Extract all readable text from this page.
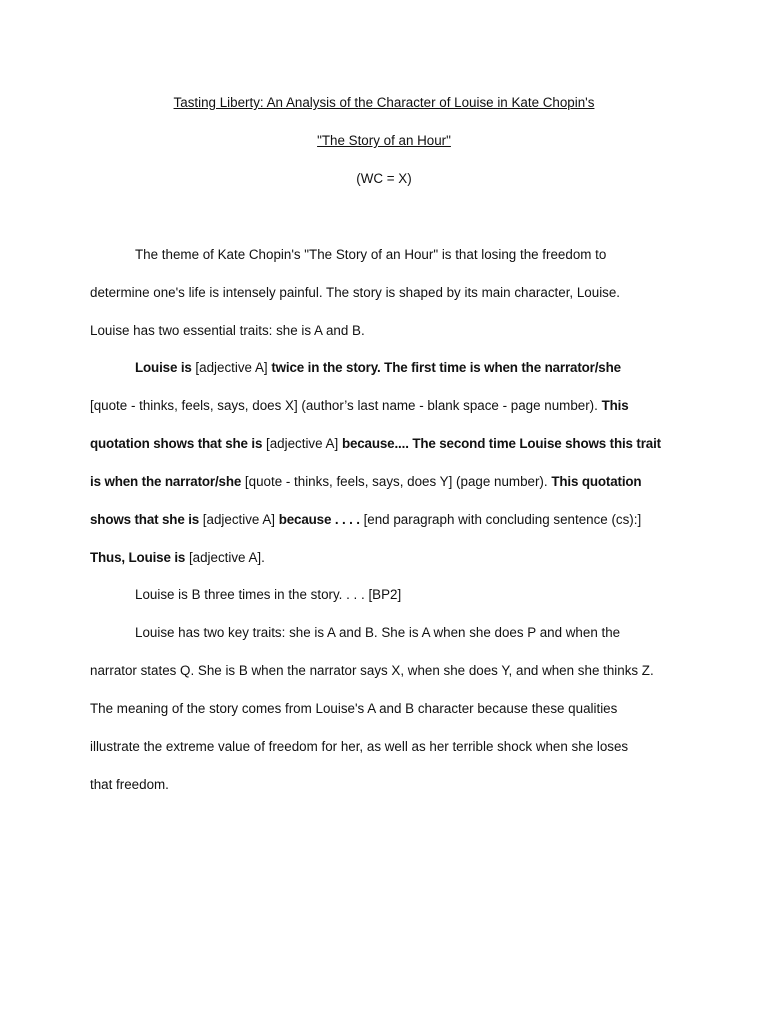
Tasting Liberty: An Analysis of the Character of Louise in Kate Chopin's
"The Story of an Hour"
(WC = X)
The theme of Kate Chopin's "The Story of an Hour" is that losing the freedom to
determine one's life is intensely painful. The story is shaped by its main character, Louise.
Louise has two essential traits: she is A and B.
Louise is [adjective A] twice in the story. The first time is when the narrator/she
[quote - thinks, feels, says, does X] (author’s last name - blank space - page number). This
quotation shows that she is [adjective A] because.... The second time Louise shows this trait
is when the narrator/she [quote - thinks, feels, says, does Y] (page number). This quotation
shows that she is [adjective A] because . . . . [end paragraph with concluding sentence (cs):]
Thus, Louise is [adjective A].
Louise is B three times in the story. . . . [BP2]
Louise has two key traits: she is A and B. She is A when she does P and when the
narrator states Q. She is B when the narrator says X, when she does Y, and when she thinks Z.
The meaning of the story comes from Louise's A and B character because these qualities
illustrate the extreme value of freedom for her, as well as her terrible shock when she loses
that freedom.
